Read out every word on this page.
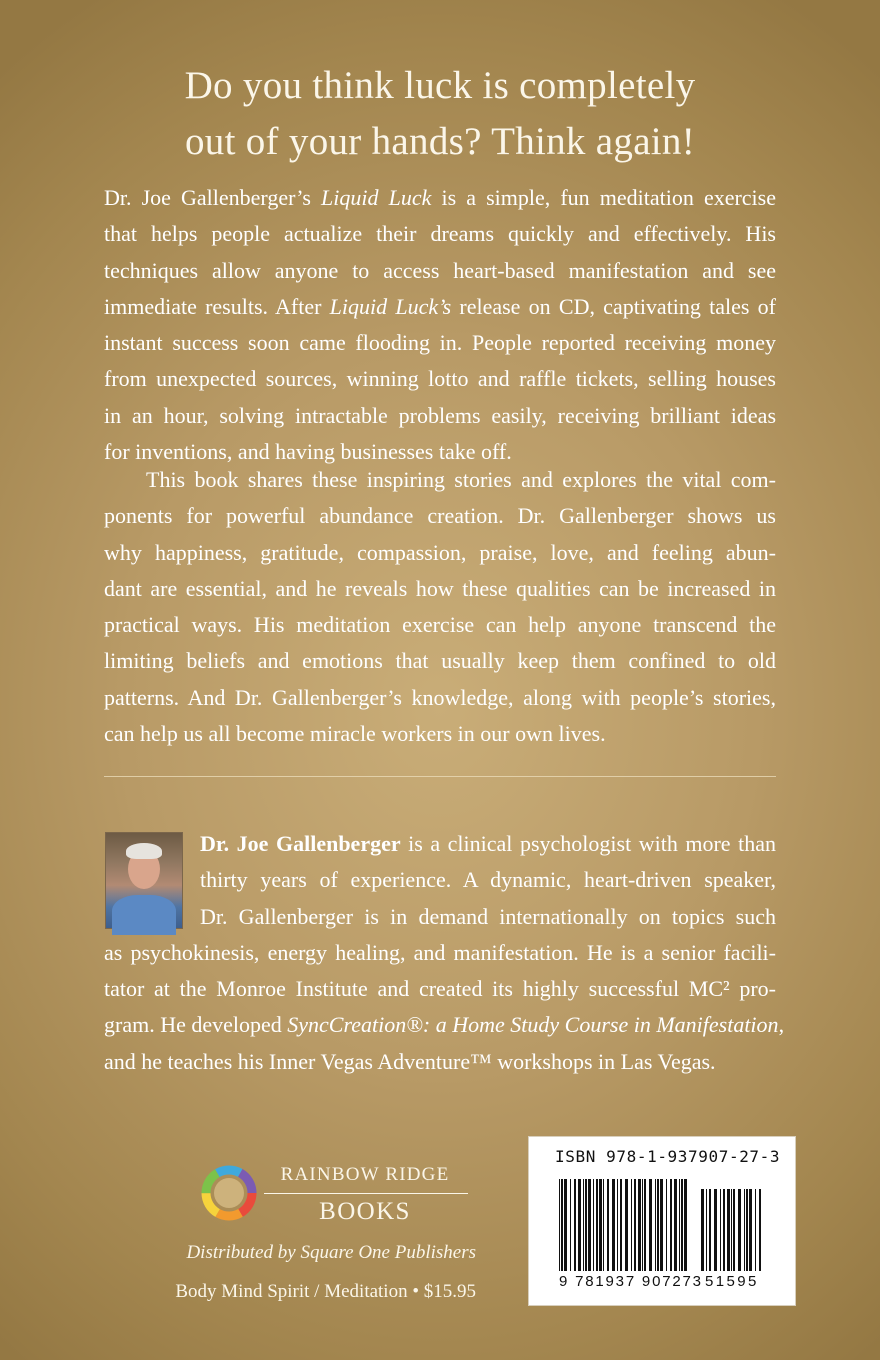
Do you think luck is completely
out of your hands? Think again!
Dr. Joe Gallenberger’s Liquid Luck is a simple, fun meditation exercise
that helps people actualize their dreams quickly and effectively. His
techniques allow anyone to access heart-based manifestation and see
immediate results. After Liquid Luck’s release on CD, captivating tales of
instant success soon came flooding in. People reported receiving money
from unexpected sources, winning lotto and raffle tickets, selling houses
in an hour, solving intractable problems easily, receiving brilliant ideas
for inventions, and having businesses take off.
This book shares these inspiring stories and explores the vital com-
ponents for powerful abundance creation. Dr. Gallenberger shows us
why happiness, gratitude, compassion, praise, love, and feeling abun-
dant are essential, and he reveals how these qualities can be increased in
practical ways. His meditation exercise can help anyone transcend the
limiting beliefs and emotions that usually keep them confined to old
patterns. And Dr. Gallenberger’s knowledge, along with people’s stories,
can help us all become miracle workers in our own lives.
Dr. Joe Gallenberger is a clinical psychologist with more than
thirty years of experience. A dynamic, heart-driven speaker,
Dr. Gallenberger is in demand internationally on topics such
as psychokinesis, energy healing, and manifestation. He is a senior facili-
tator at the Monroe Institute and created its highly successful MC² pro-
gram. He developed SyncCreation®: a Home Study Course in Manifestation,
and he teaches his Inner Vegas Adventure™ workshops in Las Vegas.
RAINBOW RIDGE
BOOKS
Distributed by Square One Publishers
Body Mind Spirit / Meditation • $15.95
ISBN 978-1-937907-27-3
9 781937 907273 51595
